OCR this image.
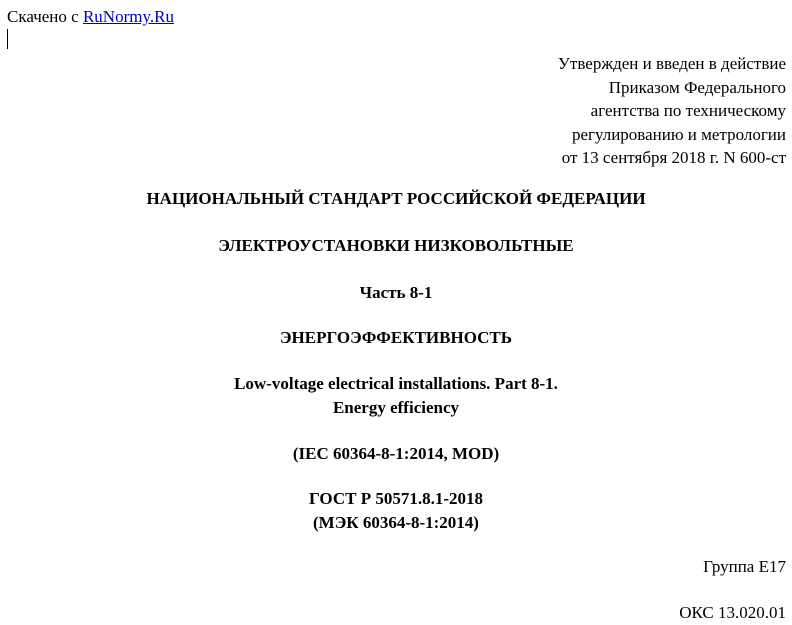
Скачено с RuNormy.Ru
Утвержден и введен в действие
Приказом Федерального
агентства по техническому
регулированию и метрологии
от 13 сентября 2018 г. N 600-ст
НАЦИОНАЛЬНЫЙ СТАНДАРТ РОССИЙСКОЙ ФЕДЕРАЦИИ
ЭЛЕКТРОУСТАНОВКИ НИЗКОВОЛЬТНЫЕ
Часть 8-1
ЭНЕРГОЭФФЕКТИВНОСТЬ
Low-voltage electrical installations. Part 8-1.
Energy efficiency
(IEC 60364-8-1:2014, MOD)
ГОСТ Р 50571.8.1-2018
(МЭК 60364-8-1:2014)
Группа Е17
ОКС 13.020.01
